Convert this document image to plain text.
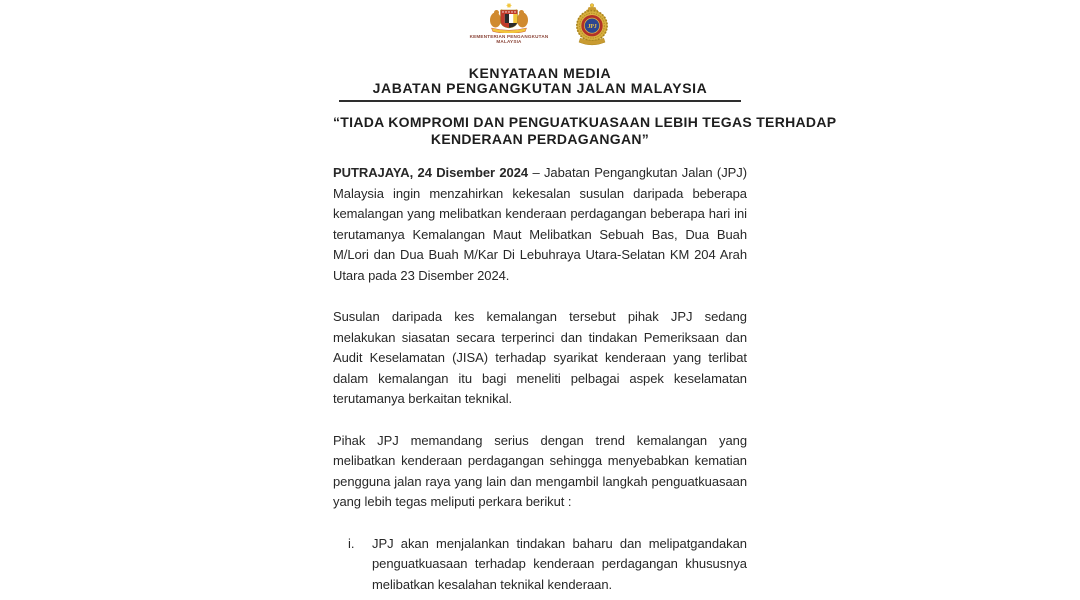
KEMENTERIAN PENGANGKUTAN
MALAYSIA
JPJ
KENYATAAN MEDIA
JABATAN PENGANGKUTAN JALAN MALAYSIA
“TIADA KOMPROMI DAN PENGUATKUASAAN LEBIH TEGAS TERHADAP
KENDERAAN PERDAGANGAN”

PUTRAJAYA, 24 Disember 2024 – Jabatan Pengangkutan Jalan (JPJ) Malaysia ingin menzahirkan kekesalan susulan daripada beberapa kemalangan yang melibatkan kenderaan perdagangan beberapa hari ini terutamanya Kemalangan Maut Melibatkan Sebuah Bas, Dua Buah M/Lori dan Dua Buah M/Kar Di Lebuhraya Utara-Selatan KM 204 Arah Utara pada 23 Disember 2024.

Susulan daripada kes kemalangan tersebut pihak JPJ sedang melakukan siasatan secara terperinci dan tindakan Pemeriksaan dan Audit Keselamatan (JISA) terhadap syarikat kenderaan yang terlibat dalam kemalangan itu bagi meneliti pelbagai aspek keselamatan terutamanya berkaitan teknikal.

Pihak JPJ memandang serius dengan trend kemalangan yang melibatkan kenderaan perdagangan sehingga menyebabkan kematian pengguna jalan raya yang lain dan mengambil langkah penguatkuasaan yang lebih tegas meliputi perkara berikut :

i.	JPJ akan menjalankan tindakan baharu dan melipatgandakan penguatkuasaan terhadap kenderaan perdagangan khususnya melibatkan kesalahan teknikal kenderaan.
